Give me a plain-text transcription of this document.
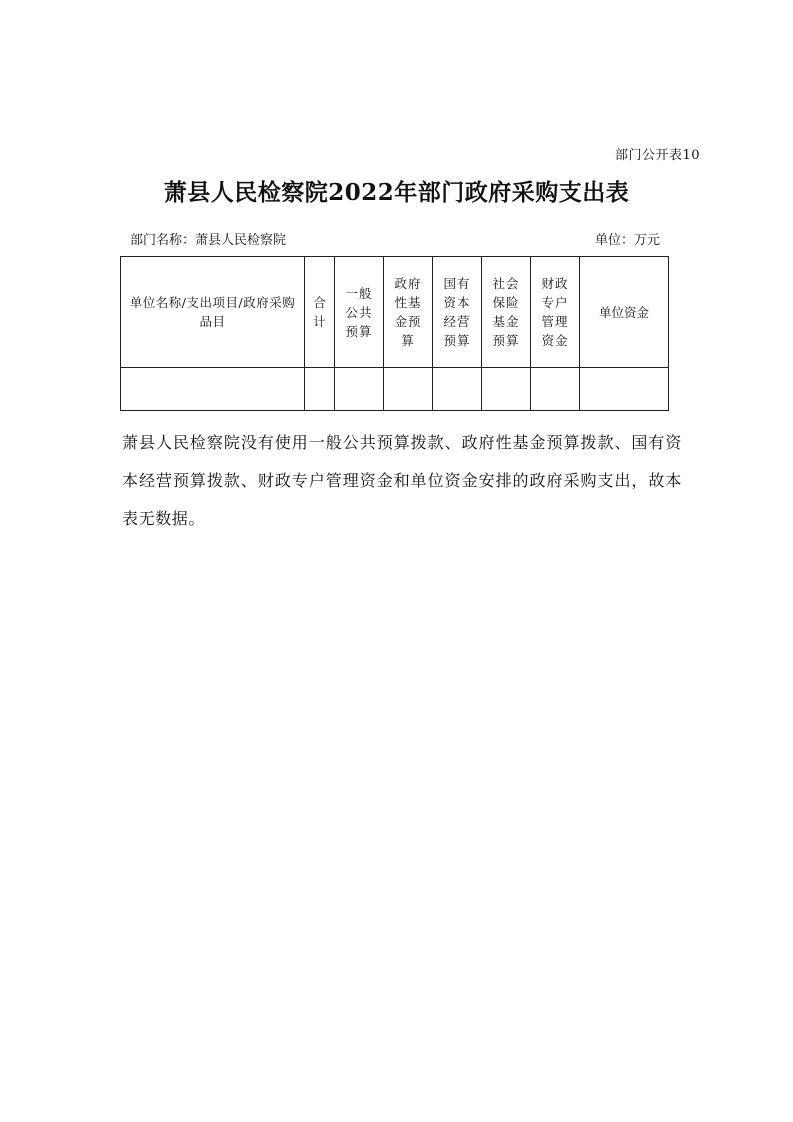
部门公开表10
萧县人民检察院2022年部门政府采购支出表
部门名称：萧县人民检察院	单位：万元
单位名称/支出项目/政府采购品目	合计	一般公共预算	政府性基金预算	国有资本经营预算	社会保险基金预算	财政专户管理资金	单位资金

萧县人民检察院没有使用一般公共预算拨款、政府性基金预算拨款、国有资本经营预算拨款、财政专户管理资金和单位资金安排的政府采购支出，故本表无数据。
